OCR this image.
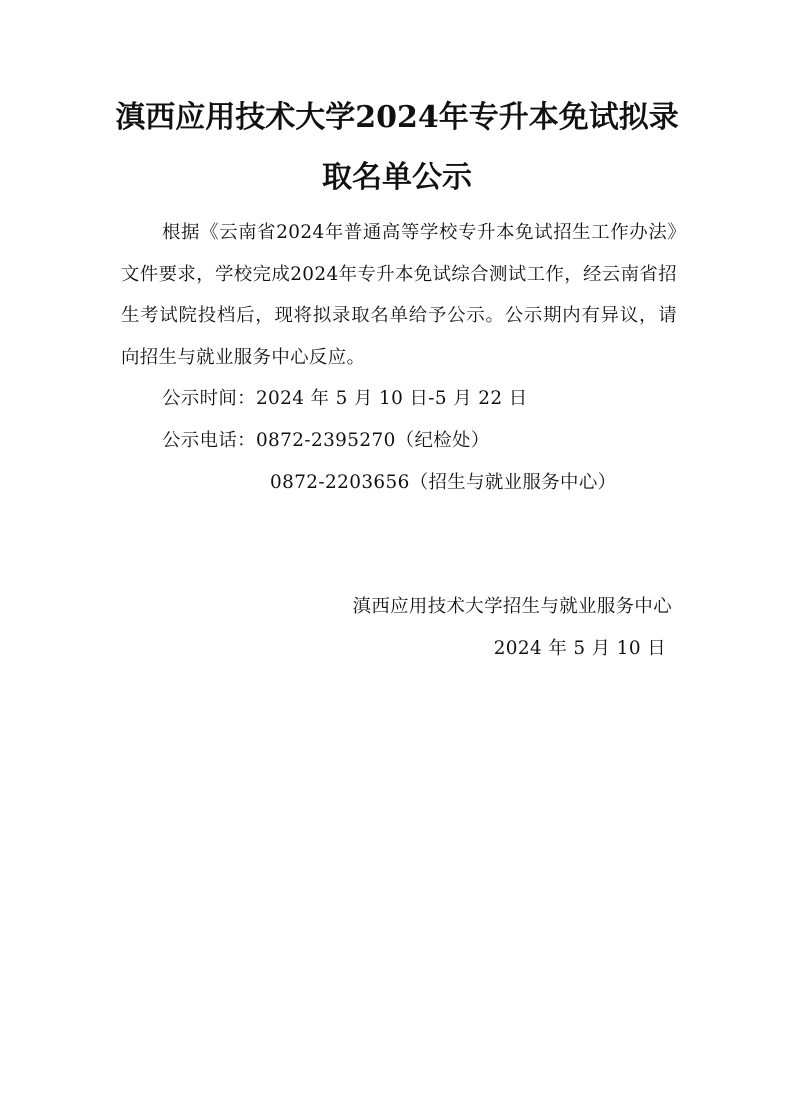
滇西应用技术大学2024年专升本免试拟录
取名单公示

根据《云南省2024年普通高等学校专升本免试招生工作办法》文件要求，学校完成2024年专升本免试综合测试工作，经云南省招生考试院投档后，现将拟录取名单给予公示。公示期内有异议，请向招生与就业服务中心反应。

公示时间：2024 年 5 月 10 日-5 月 22 日
公示电话：0872-2395270（纪检处）
0872-2203656（招生与就业服务中心）
滇西应用技术大学招生与就业服务中心
2024 年 5 月 10 日
